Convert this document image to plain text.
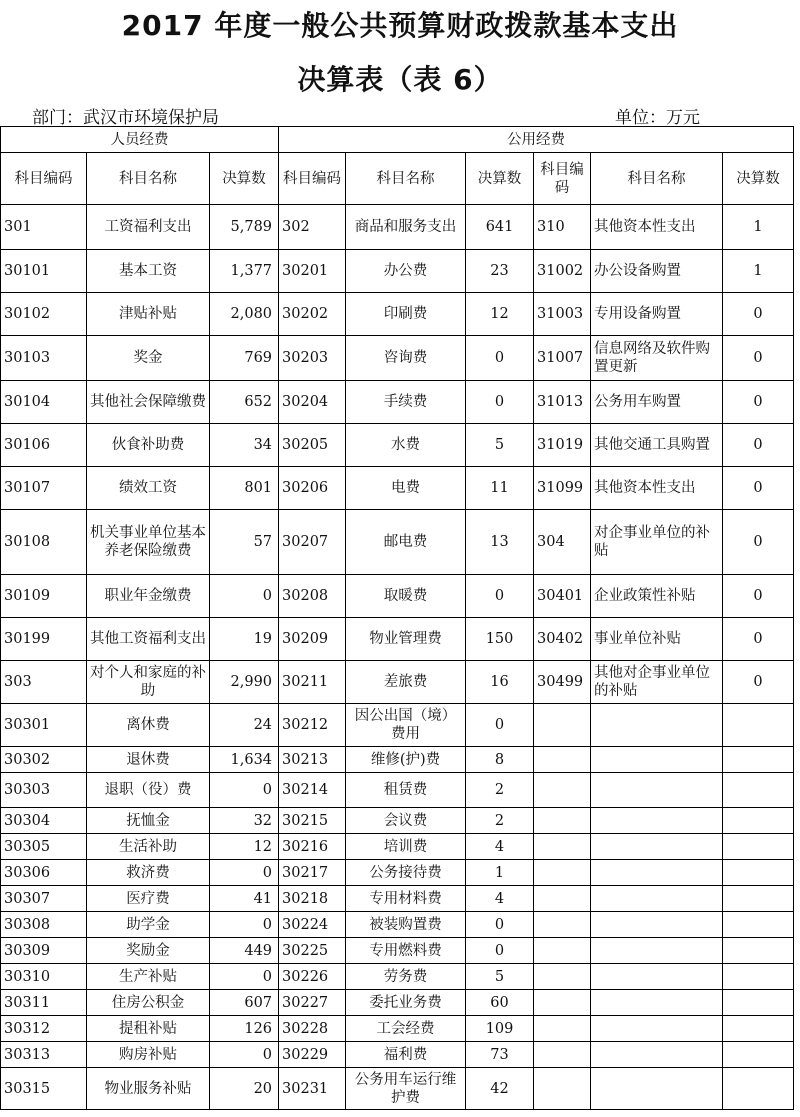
2017 年度一般公共预算财政拨款基本支出
决算表（表 6）
部门：武汉市环境保护局	单位：万元
人员经费			公用经费					
科目编码	科目名称	决算数	科目编码	科目名称	决算数	科目编码	科目名称	决算数
301	工资福利支出	5,789	302	商品和服务支出	641	310	其他资本性支出	1
30101	基本工资	1,377	30201	办公费	23	31002	办公设备购置	1
30102	津贴补贴	2,080	30202	印刷费	12	31003	专用设备购置	0
30103	奖金	769	30203	咨询费	0	31007	信息网络及软件购置更新	0
30104	其他社会保障缴费	652	30204	手续费	0	31013	公务用车购置	0
30106	伙食补助费	34	30205	水费	5	31019	其他交通工具购置	0
30107	绩效工资	801	30206	电费	11	31099	其他资本性支出	0
30108	机关事业单位基本养老保险缴费	57	30207	邮电费	13	304	对企事业单位的补贴	0
30109	职业年金缴费	0	30208	取暖费	0	30401	企业政策性补贴	0
30199	其他工资福利支出	19	30209	物业管理费	150	30402	事业单位补贴	0
303	对个人和家庭的补助	2,990	30211	差旅费	16	30499	其他对企事业单位的补贴	0
30301	离休费	24	30212	因公出国（境）费用	0			
30302	退休费	1,634	30213	维修(护)费	8			
30303	退职（役）费	0	30214	租赁费	2			
30304	抚恤金	32	30215	会议费	2			
30305	生活补助	12	30216	培训费	4			
30306	救济费	0	30217	公务接待费	1			
30307	医疗费	41	30218	专用材料费	4			
30308	助学金	0	30224	被装购置费	0			
30309	奖励金	449	30225	专用燃料费	0			
30310	生产补贴	0	30226	劳务费	5			
30311	住房公积金	607	30227	委托业务费	60			
30312	提租补贴	126	30228	工会经费	109			
30313	购房补贴	0	30229	福利费	73			
30315	物业服务补贴	20	30231	公务用车运行维护费	42			
